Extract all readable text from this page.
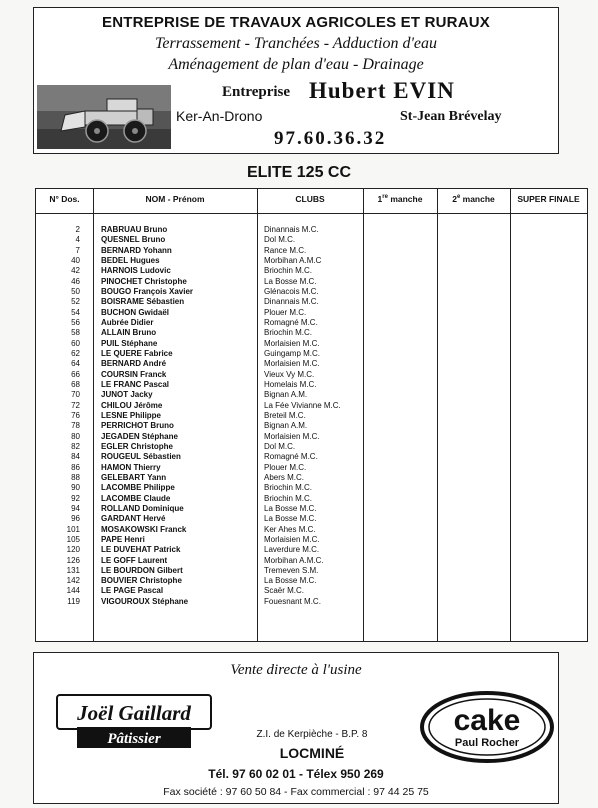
ENTREPRISE DE TRAVAUX AGRICOLES ET RURAUX
Terrassement - Tranchées - Adduction d'eau
Aménagement de plan d'eau - Drainage
Entreprise Hubert EVIN
Ker-An-Drono	St-Jean Brévelay
97.60.36.32
ELITE 125 CC
N° Dos.	NOM - Prénom	CLUBS	1re manche	2e manche	SUPER FINALE
2	RABRUAU Bruno	Dinannais M.C.
4	QUESNEL Bruno	Dol M.C.
7	BERNARD Yohann	Rance M.C.
40	BEDEL Hugues	Morbihan A.M.C
42	HARNOIS Ludovic	Briochin M.C.
46	PINOCHET Christophe	La Bosse M.C.
50	BOUGO François Xavier	Glénacois M.C.
52	BOISRAME Sébastien	Dinannais M.C.
54	BUCHON Gwidaël	Plouer M.C.
56	Aubrée Didier	Romagné M.C.
58	ALLAIN Bruno	Briochin M.C.
60	PUIL Stéphane	Morlaisien M.C.
62	LE QUERE Fabrice	Guingamp M.C.
64	BERNARD André	Morlaisien M.C.
66	COURSIN Franck	Vieux Vy M.C.
68	LE FRANC Pascal	Homelais M.C.
70	JUNOT Jacky	Bignan A.M.
72	CHILOU Jérôme	La Fée Vivianne M.C.
76	LESNE Philippe	Breteil M.C.
78	PERRICHOT Bruno	Bignan A.M.
80	JEGADEN Stéphane	Morlaisien M.C.
82	EGLER Christophe	Dol M.C.
84	ROUGEUL Sébastien	Romagné M.C.
86	HAMON Thierry	Plouer M.C.
88	GELEBART Yann	Abers M.C.
90	LACOMBE Philippe	Briochin M.C.
92	LACOMBE Claude	Briochin M.C.
94	ROLLAND Dominique	La Bosse M.C.
96	GARDANT Hervé	La Bosse M.C.
101	MOSAKOWSKI Franck	Ker Ahes M.C.
105	PAPE Henri	Morlaisien M.C.
120	LE DUVEHAT Patrick	Laverdure M.C.
126	LE GOFF Laurent	Morbihan A.M.C.
131	LE BOURDON Gilbert	Tremeven S.M.
142	BOUVIER Christophe	La Bosse M.C.
144	LE PAGE Pascal	Scaër M.C.
119	VIGOUROUX Stéphane	Fouesnant M.C.
Vente directe à l'usine
Joël Gaillard
Pâtissier	Z.I. de Kerpièche - B.P. 8
LOCMINÉ
cake
Paul Rocher
Tél. 97 60 02 01 - Télex 950 269
Fax société : 97 60 50 84 - Fax commercial : 97 44 25 75
